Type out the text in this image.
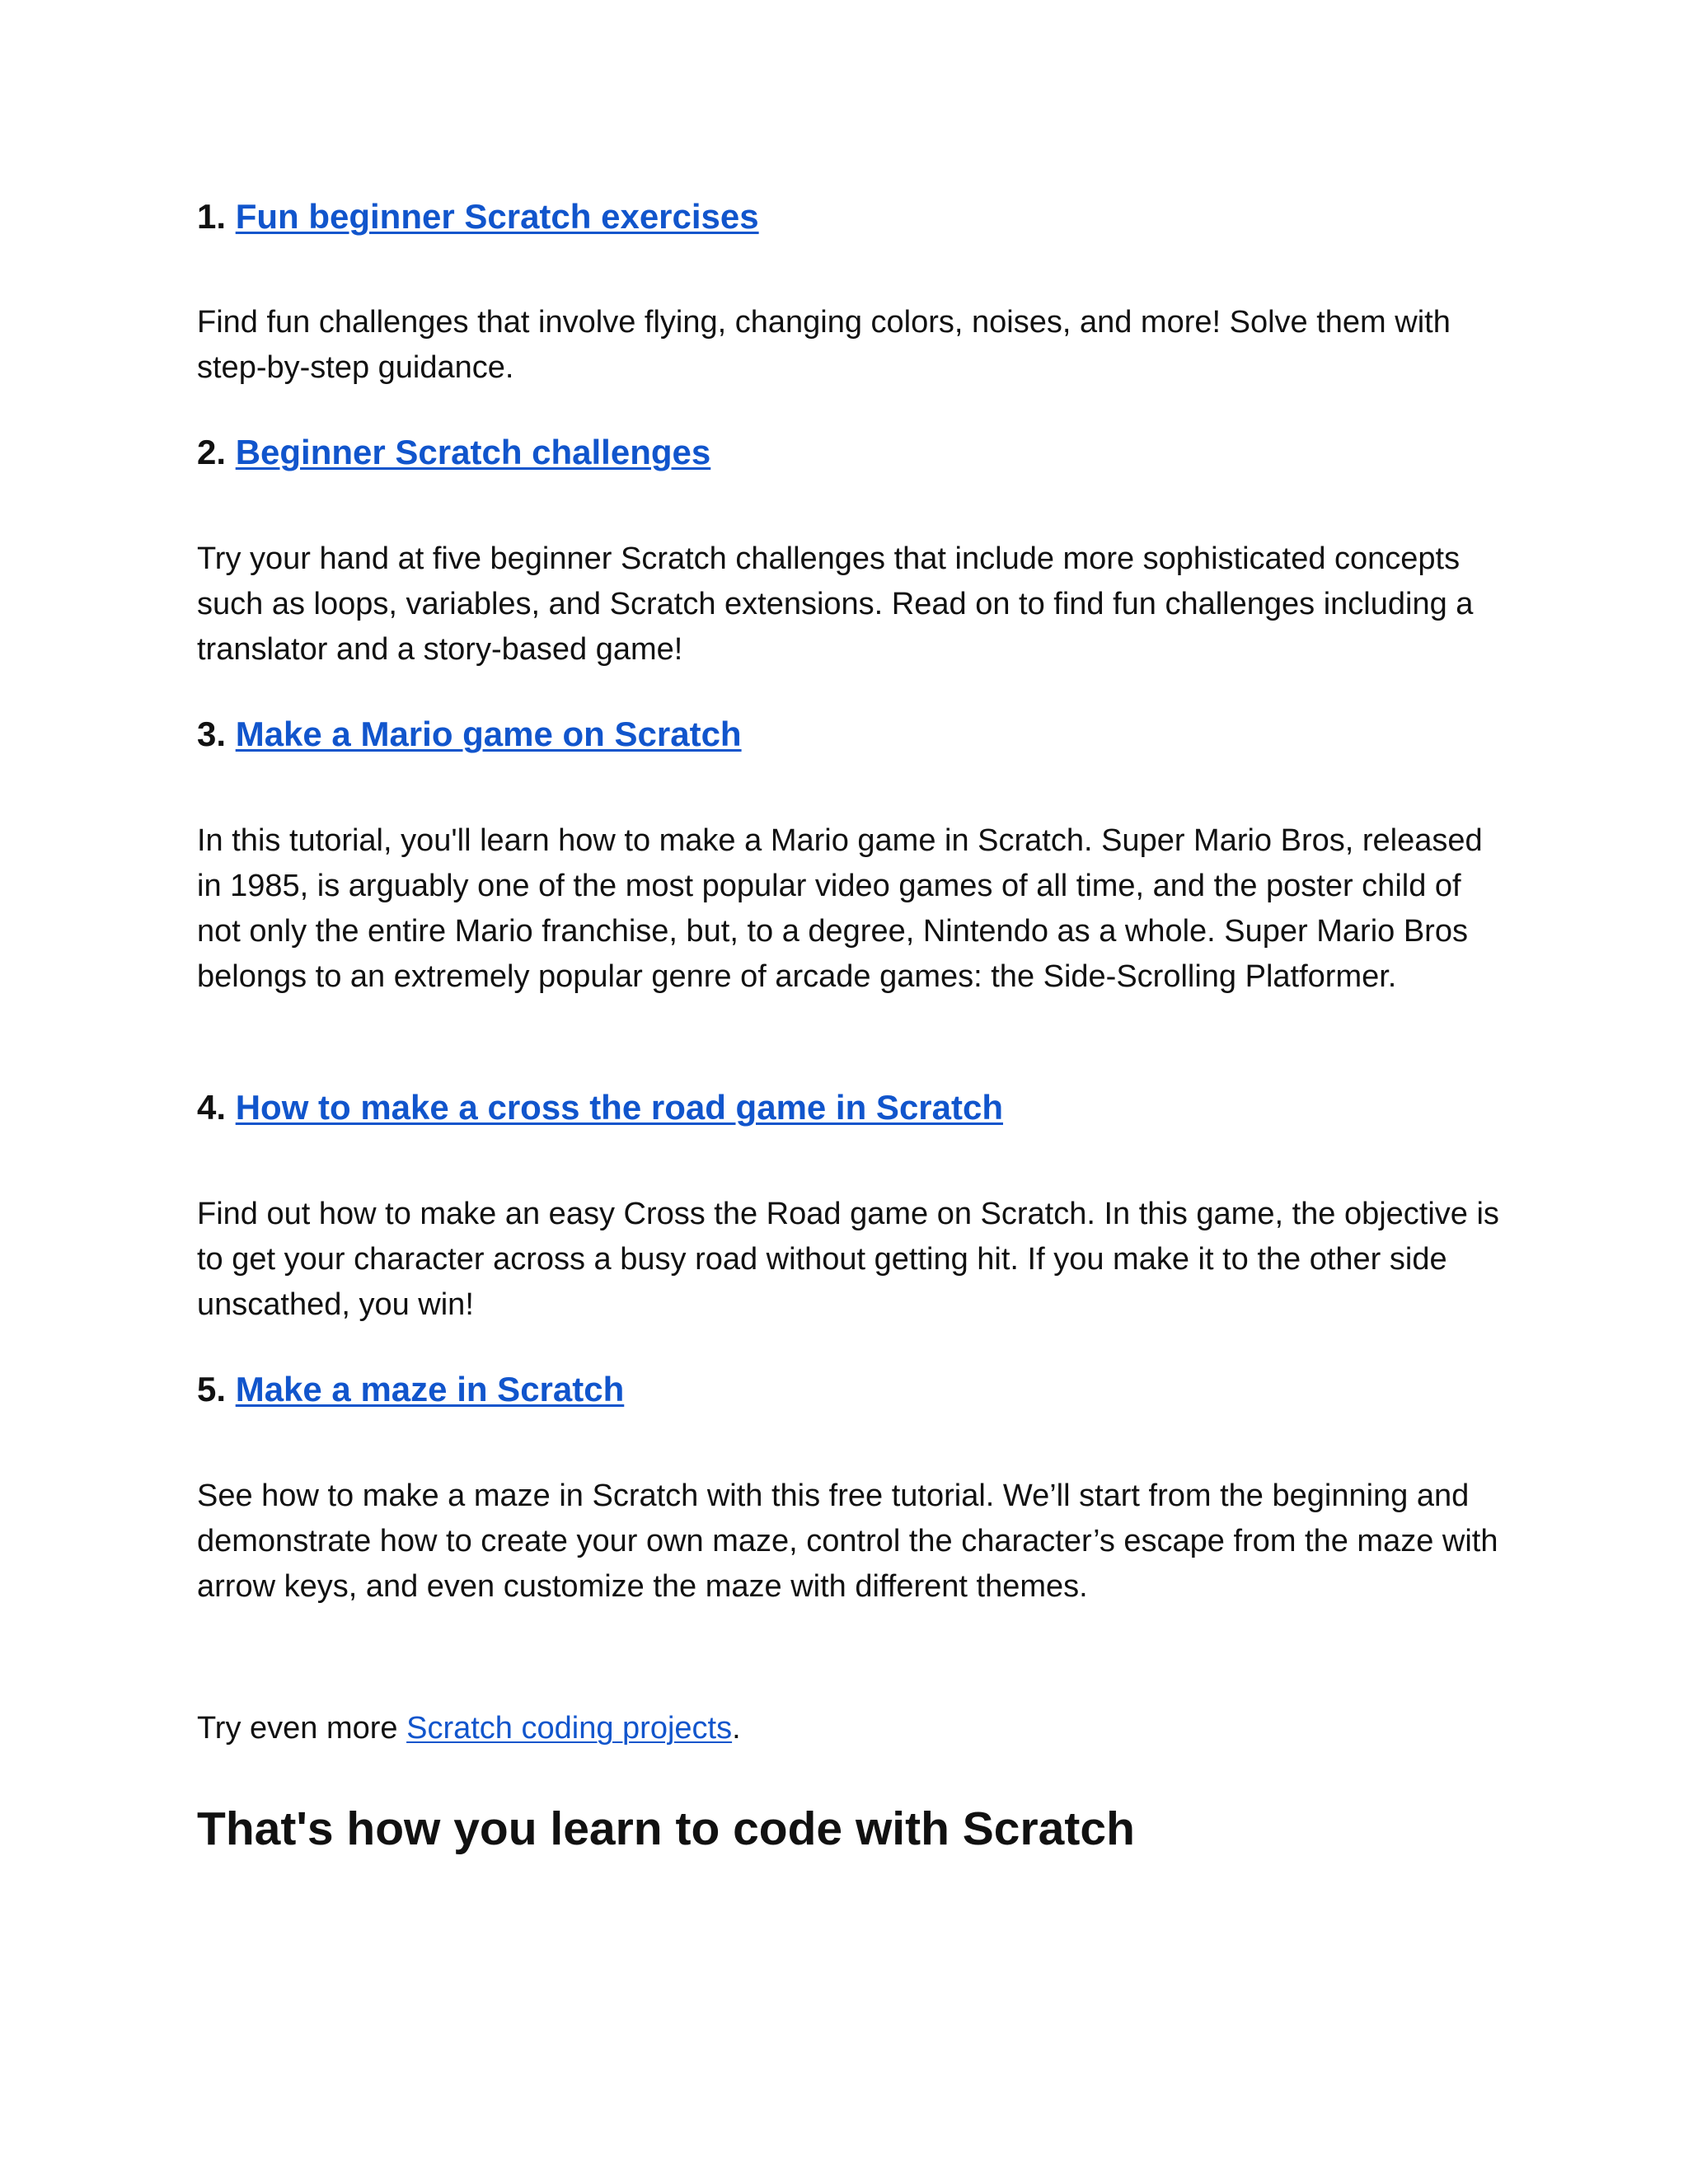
1. Fun beginner Scratch exercises

Find fun challenges that involve flying, changing colors, noises, and more! Solve them with step-by-step guidance.

2. Beginner Scratch challenges

Try your hand at five beginner Scratch challenges that include more sophisticated concepts such as loops, variables, and Scratch extensions. Read on to find fun challenges including a translator and a story-based game!

3. Make a Mario game on Scratch

In this tutorial, you'll learn how to make a Mario game in Scratch. Super Mario Bros, released in 1985, is arguably one of the most popular video games of all time, and the poster child of not only the entire Mario franchise, but, to a degree, Nintendo as a whole. Super Mario Bros belongs to an extremely popular genre of arcade games: the Side-Scrolling Platformer.

4. How to make a cross the road game in Scratch

Find out how to make an easy Cross the Road game on Scratch. In this game, the objective is to get your character across a busy road without getting hit. If you make it to the other side unscathed, you win!

5. Make a maze in Scratch

See how to make a maze in Scratch with this free tutorial. We’ll start from the beginning and demonstrate how to create your own maze, control the character’s escape from the maze with arrow keys, and even customize the maze with different themes.

Try even more Scratch coding projects.

That's how you learn to code with Scratch
